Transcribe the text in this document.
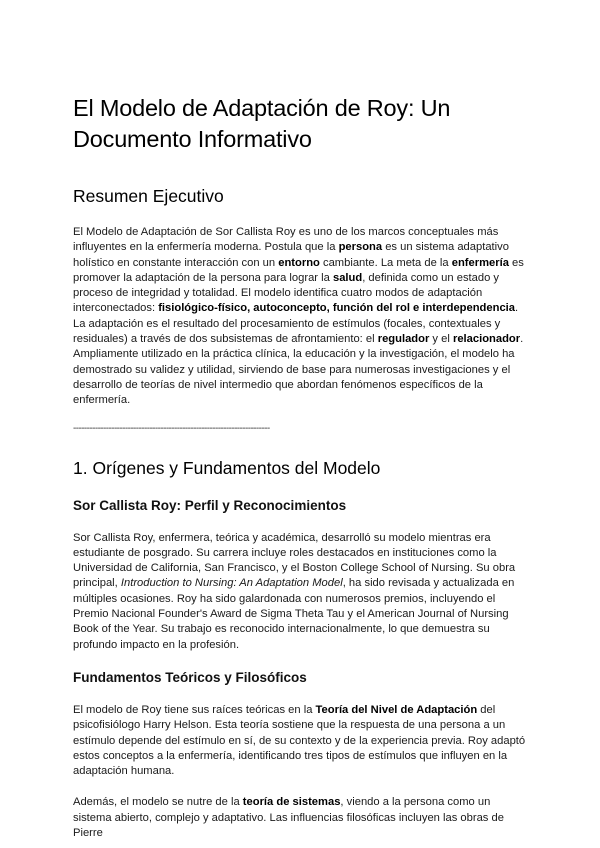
El Modelo de Adaptación de Roy: Un Documento Informativo
Resumen Ejecutivo

El Modelo de Adaptación de Sor Callista Roy es uno de los marcos conceptuales más influyentes en la enfermería moderna. Postula que la persona es un sistema adaptativo holístico en constante interacción con un entorno cambiante. La meta de la enfermería es promover la adaptación de la persona para lograr la salud, definida como un estado y proceso de integridad y totalidad. El modelo identifica cuatro modos de adaptación interconectados: fisiológico-físico, autoconcepto, función del rol e interdependencia. La adaptación es el resultado del procesamiento de estímulos (focales, contextuales y residuales) a través de dos subsistemas de afrontamiento: el regulador y el relacionador. Ampliamente utilizado en la práctica clínica, la educación y la investigación, el modelo ha demostrado su validez y utilidad, sirviendo de base para numerosas investigaciones y el desarrollo de teorías de nivel intermedio que abordan fenómenos específicos de la enfermería.

------------------------------------------------------------------------
1. Orígenes y Fundamentos del Modelo
Sor Callista Roy: Perfil y Reconocimientos

Sor Callista Roy, enfermera, teórica y académica, desarrolló su modelo mientras era estudiante de posgrado. Su carrera incluye roles destacados en instituciones como la Universidad de California, San Francisco, y el Boston College School of Nursing. Su obra principal, Introduction to Nursing: An Adaptation Model, ha sido revisada y actualizada en múltiples ocasiones. Roy ha sido galardonada con numerosos premios, incluyendo el Premio Nacional Founder's Award de Sigma Theta Tau y el American Journal of Nursing Book of the Year. Su trabajo es reconocido internacionalmente, lo que demuestra su profundo impacto en la profesión.

Fundamentos Teóricos y Filosóficos

El modelo de Roy tiene sus raíces teóricas en la Teoría del Nivel de Adaptación del psicofisiólogo Harry Helson. Esta teoría sostiene que la respuesta de una persona a un estímulo depende del estímulo en sí, de su contexto y de la experiencia previa. Roy adaptó estos conceptos a la enfermería, identificando tres tipos de estímulos que influyen en la adaptación humana.

Además, el modelo se nutre de la teoría de sistemas, viendo a la persona como un sistema abierto, complejo y adaptativo. Las influencias filosóficas incluyen las obras de Pierre
